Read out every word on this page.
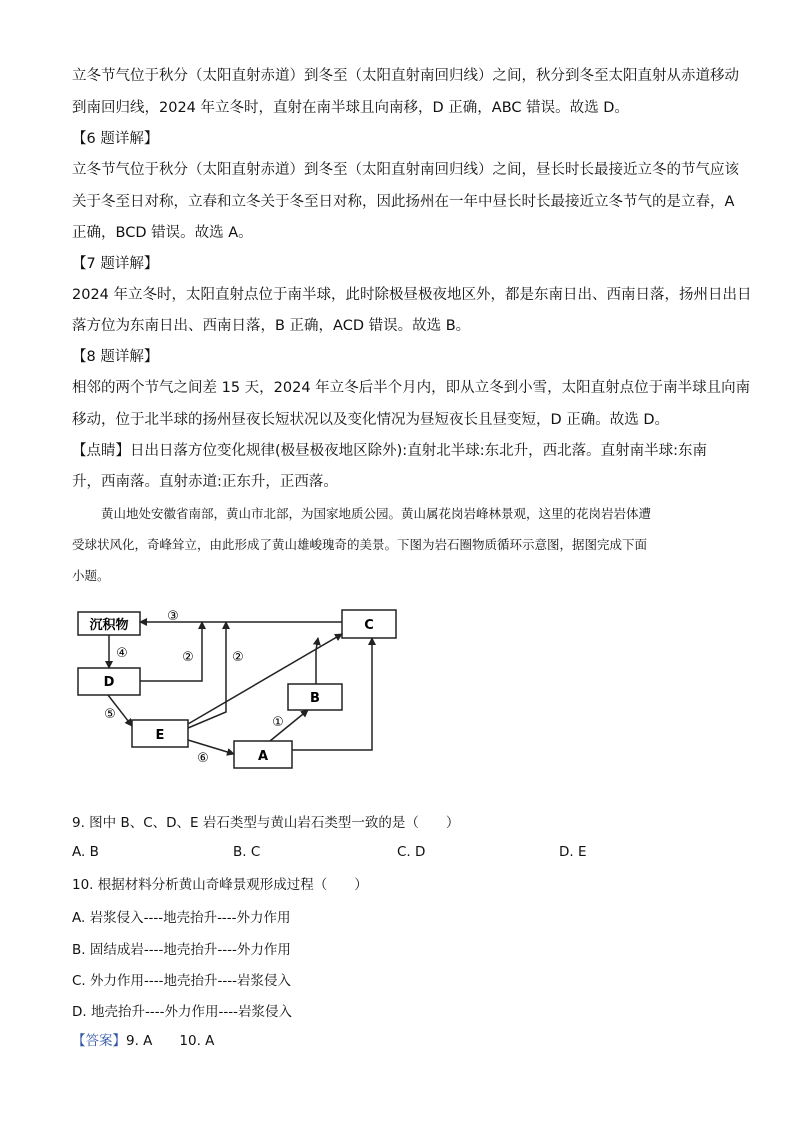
立冬节气位于秋分（太阳直射赤道）到冬至（太阳直射南回归线）之间，秋分到冬至太阳直射从赤道移动
到南回归线，2024 年立冬时，直射在南半球且向南移，D 正确，ABC 错误。故选 D。
【6 题详解】
立冬节气位于秋分（太阳直射赤道）到冬至（太阳直射南回归线）之间，昼长时长最接近立冬的节气应该
关于冬至日对称，立春和立冬关于冬至日对称，因此扬州在一年中昼长时长最接近立冬节气的是立春，A
正确，BCD 错误。故选 A。
【7 题详解】
2024 年立冬时，太阳直射点位于南半球，此时除极昼极夜地区外，都是东南日出、西南日落，扬州日出日
落方位为东南日出、西南日落，B 正确，ACD 错误。故选 B。
【8 题详解】
相邻的两个节气之间差 15 天，2024 年立冬后半个月内，即从立冬到小雪，太阳直射点位于南半球且向南
移动，位于北半球的扬州昼夜长短状况以及变化情况为昼短夜长且昼变短，D 正确。故选 D。
【点睛】日出日落方位变化规律(极昼极夜地区除外):直射北半球:东北升，西北落。直射南半球:东南
升，西南落。直射赤道:正东升，正西落。
黄山地处安徽省南部，黄山市北部，为国家地质公园。黄山属花岗岩峰林景观，这里的花岗岩岩体遭
受球状风化，奇峰耸立，由此形成了黄山雄峻瑰奇的美景。下图为岩石圈物质循环示意图，据图完成下面
小题。
沉积物	C
D
B
E
A
③
④	②	②
⑤
⑥
①
9. 图中 B、C、D、E 岩石类型与黄山岩石类型一致的是（　　）
A. B	B. C	C. D	D. E
10. 根据材料分析黄山奇峰景观形成过程（　　）
A. 岩浆侵入----地壳抬升----外力作用
B. 固结成岩----地壳抬升----外力作用
C. 外力作用----地壳抬升----岩浆侵入
D. 地壳抬升----外力作用----岩浆侵入
【答案】9. A　　10. A
